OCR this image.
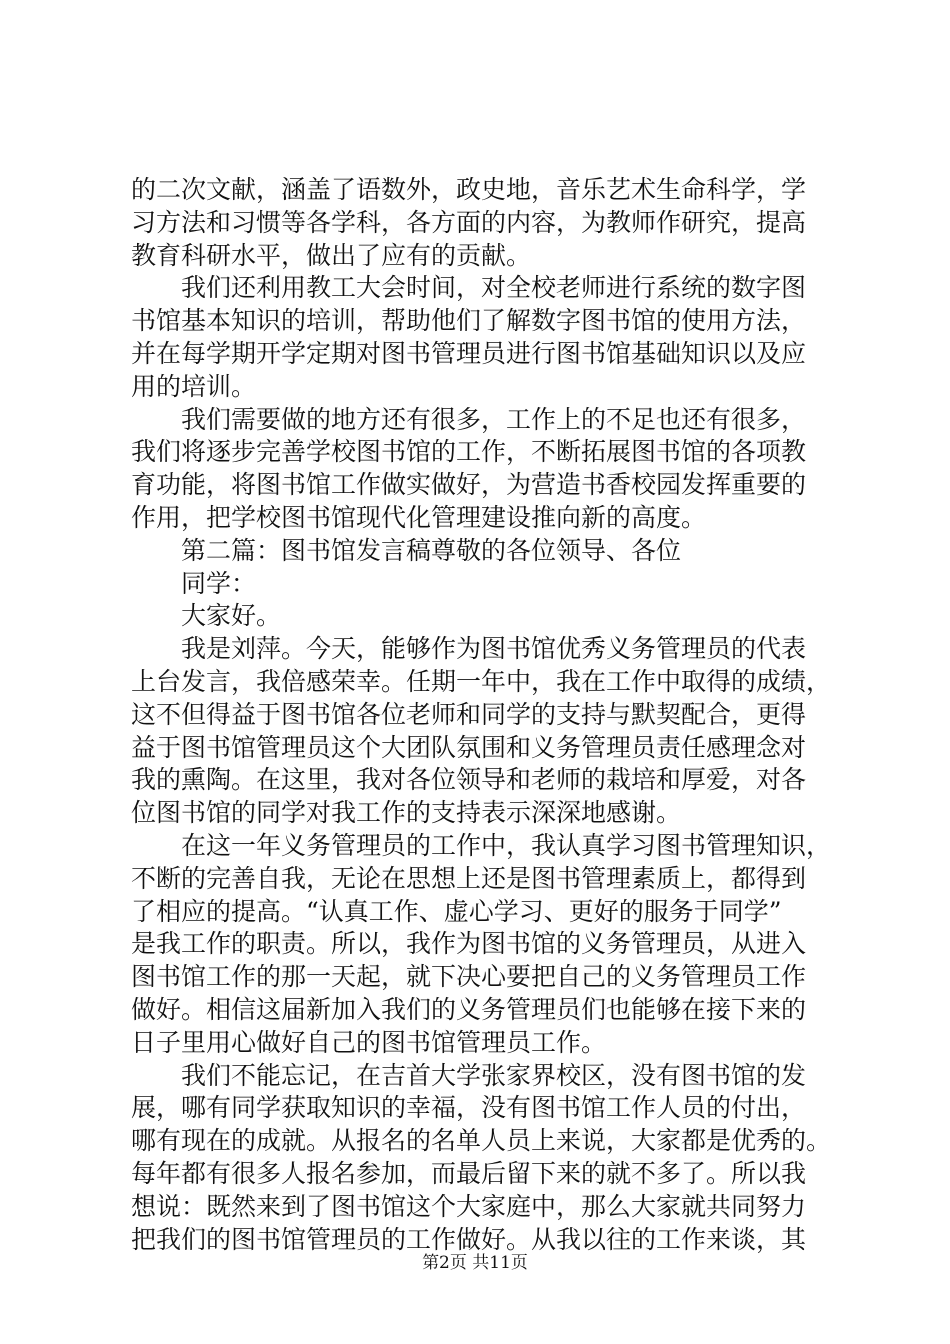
的二次文献，涵盖了语数外，政史地，音乐艺术生命科学，学
习方法和习惯等各学科，各方面的内容，为教师作研究，提高
教育科研水平，做出了应有的贡献。
我们还利用教工大会时间，对全校老师进行系统的数字图
书馆基本知识的培训，帮助他们了解数字图书馆的使用方法，
并在每学期开学定期对图书管理员进行图书馆基础知识以及应
用的培训。
我们需要做的地方还有很多，工作上的不足也还有很多，
我们将逐步完善学校图书馆的工作，不断拓展图书馆的各项教
育功能，将图书馆工作做实做好，为营造书香校园发挥重要的
作用，把学校图书馆现代化管理建设推向新的高度。
第二篇：图书馆发言稿尊敬的各位领导、各位
同学：
大家好。
我是刘萍。今天，能够作为图书馆优秀义务管理员的代表
上台发言，我倍感荣幸。任期一年中，我在工作中取得的成绩，
这不但得益于图书馆各位老师和同学的支持与默契配合，更得
益于图书馆管理员这个大团队氛围和义务管理员责任感理念对
我的熏陶。在这里，我对各位领导和老师的栽培和厚爱，对各
位图书馆的同学对我工作的支持表示深深地感谢。
在这一年义务管理员的工作中，我认真学习图书管理知识，
不断的完善自我，无论在思想上还是图书管理素质上，都得到
了相应的提高。“认真工作、虚心学习、更好的服务于同学”
是我工作的职责。所以，我作为图书馆的义务管理员，从进入
图书馆工作的那一天起，就下决心要把自己的义务管理员工作
做好。相信这届新加入我们的义务管理员们也能够在接下来的
日子里用心做好自己的图书馆管理员工作。
我们不能忘记，在吉首大学张家界校区，没有图书馆的发
展，哪有同学获取知识的幸福，没有图书馆工作人员的付出，
哪有现在的成就。从报名的名单人员上来说，大家都是优秀的。
每年都有很多人报名参加，而最后留下来的就不多了。所以我
想说：既然来到了图书馆这个大家庭中，那么大家就共同努力
把我们的图书馆管理员的工作做好。从我以往的工作来谈，其
第2页 共11页
